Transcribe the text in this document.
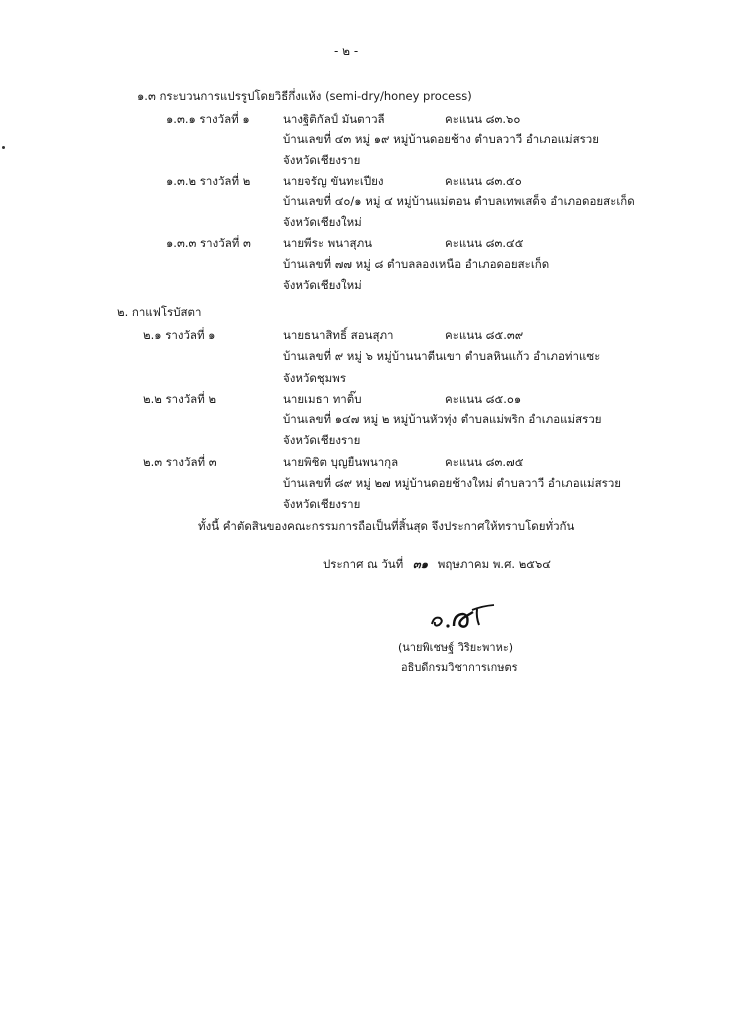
- ๒ -
๑.๓ กระบวนการแปรรูปโดยวิธีกึ่งแห้ง (semi-dry/honey process)
๑.๓.๑ รางวัลที่ ๑	นางฐิติกัลป์ มันตาวลี	คะแนน ๘๓.๖๐
บ้านเลขที่ ๔๓ หมู่ ๑๙ หมู่บ้านดอยช้าง ตำบลวาวี อำเภอแม่สรวย
จังหวัดเชียงราย
๑.๓.๒ รางวัลที่ ๒	นายจรัญ ขันทะเปียง	คะแนน ๘๓.๕๐
บ้านเลขที่ ๔๐/๑ หมู่ ๔ หมู่บ้านแม่ตอน ตำบลเทพเสด็จ อำเภอดอยสะเก็ด
จังหวัดเชียงใหม่
๑.๓.๓ รางวัลที่ ๓	นายพีระ พนาสุภน	คะแนน ๘๓.๔๕
บ้านเลขที่ ๗๗ หมู่ ๘ ตำบลลองเหนือ อำเภอดอยสะเก็ด
จังหวัดเชียงใหม่
๒. กาแฟโรบัสตา
๒.๑ รางวัลที่ ๑	นายธนาสิทธิ์ สอนสุภา	คะแนน ๘๕.๓๙
บ้านเลขที่ ๙ หมู่ ๖ หมู่บ้านนาตีนเขา ตำบลหินแก้ว อำเภอท่าแซะ
จังหวัดชุมพร
๒.๒ รางวัลที่ ๒	นายเมธา ทาติ๊บ	คะแนน ๘๕.๐๑
บ้านเลขที่ ๑๔๗ หมู่ ๒ หมู่บ้านหัวทุ่ง ตำบลแม่พริก อำเภอแม่สรวย
จังหวัดเชียงราย
๒.๓ รางวัลที่ ๓	นายพิชิต บุญยืนพนากุล	คะแนน ๘๓.๗๕
บ้านเลขที่ ๘๙ หมู่ ๒๗ หมู่บ้านดอยช้างใหม่ ตำบลวาวี อำเภอแม่สรวย
จังหวัดเชียงราย
ทั้งนี้ คำตัดสินของคณะกรรมการถือเป็นที่สิ้นสุด จึงประกาศให้ทราบโดยทั่วกัน
ประกาศ ณ วันที่ ๓๑ พฤษภาคม พ.ศ. ๒๕๖๔
(นายพิเชษฐ์ วิริยะพาหะ)
อธิบดีกรมวิชาการเกษตร
